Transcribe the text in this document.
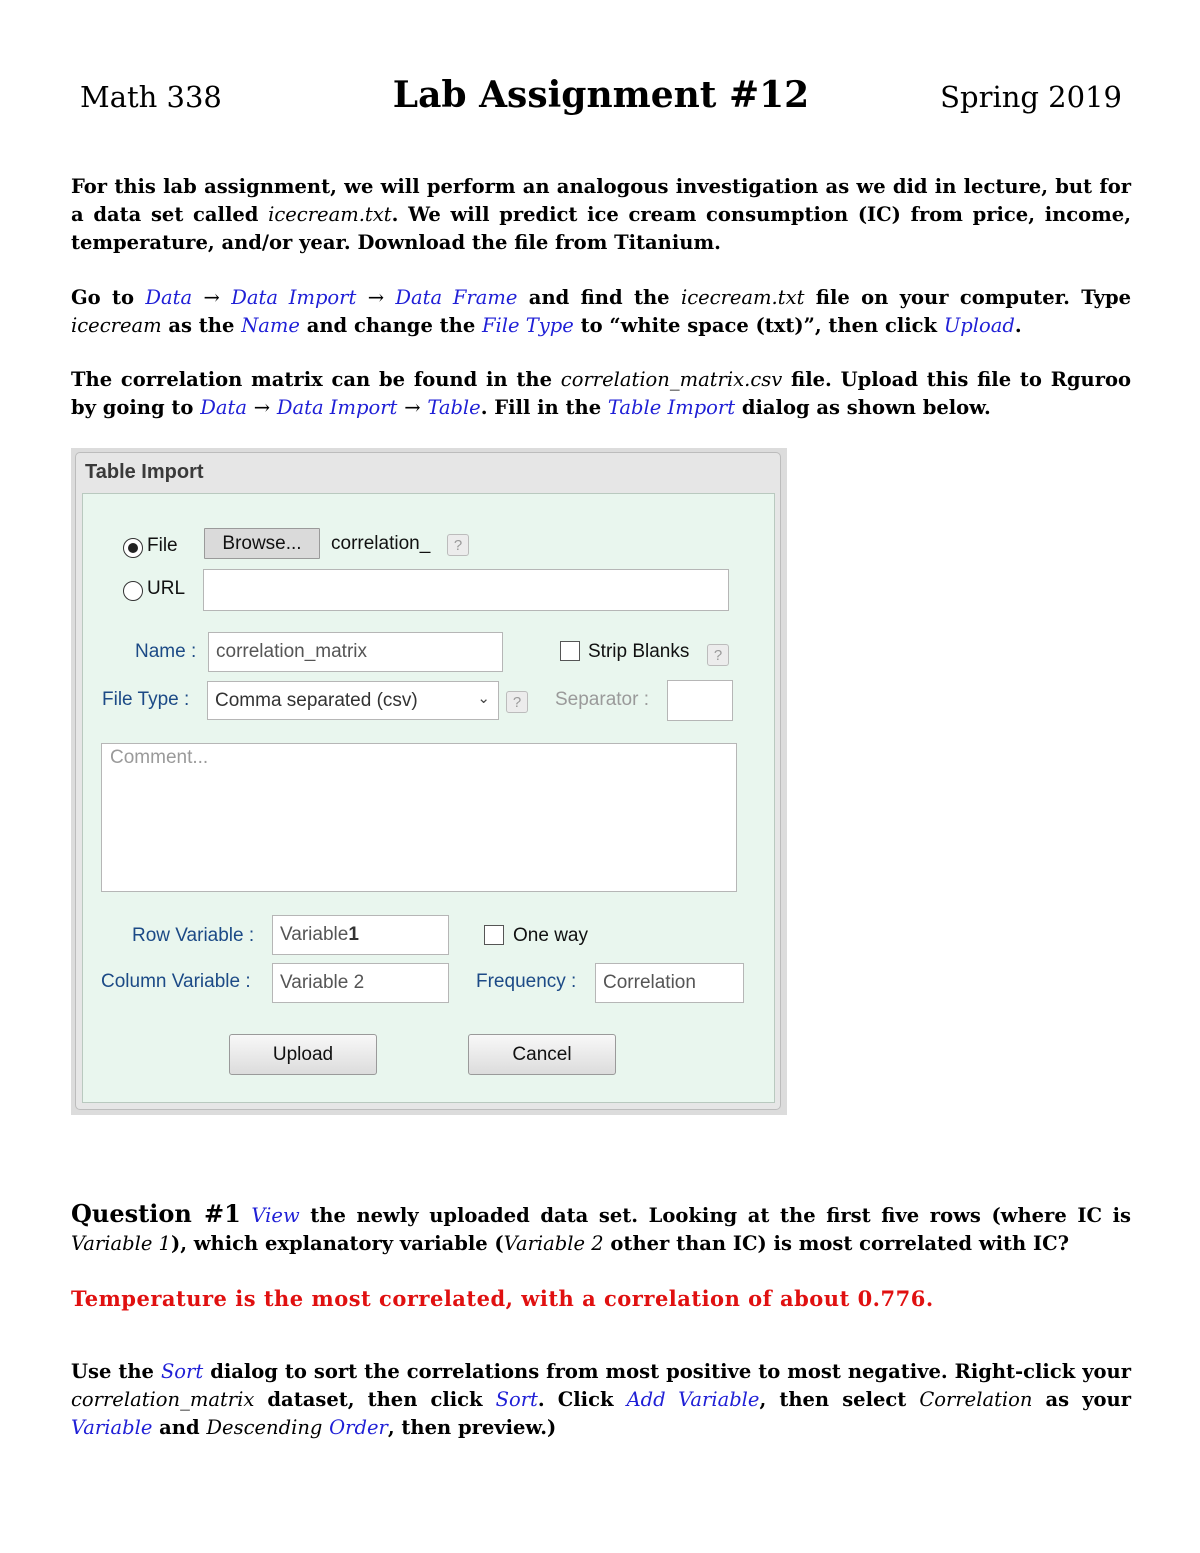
Math 338	Lab Assignment #12	Spring 2019
For this lab assignment, we will perform an analogous investigation as we did in lecture, but for a data set called icecream.txt. We will predict ice cream consumption (IC) from price, income, temperature, and/or year. Download the file from Titanium.
Go to Data → Data Import → Data Frame and find the icecream.txt file on your computer. Type icecream as the Name and change the File Type to “white space (txt)”, then click Upload.
The correlation matrix can be found in the correlation_matrix.csv file. Upload this file to Rguroo by going to Data → Data Import → Table. Fill in the Table Import dialog as shown below.
Table Import
File	Browse...	correlation_	?
URL
Name :	correlation_matrix	Strip Blanks	?
File Type : Comma separated (csv)	⌄	?	Separator :
Comment...
Row Variable : Variable 1	One way
Column Variable :	Variable 2	Frequency :	Correlation
Upload	Cancel
Question #1 View the newly uploaded data set. Looking at the first five rows (where IC is Variable 1), which explanatory variable (Variable 2 other than IC) is most correlated with IC?
Temperature is the most correlated, with a correlation of about 0.776.
Use the Sort dialog to sort the correlations from most positive to most negative. Right-click your correlation_matrix dataset, then click Sort. Click Add Variable, then select Correlation as your Variable and Descending Order, then preview.)
